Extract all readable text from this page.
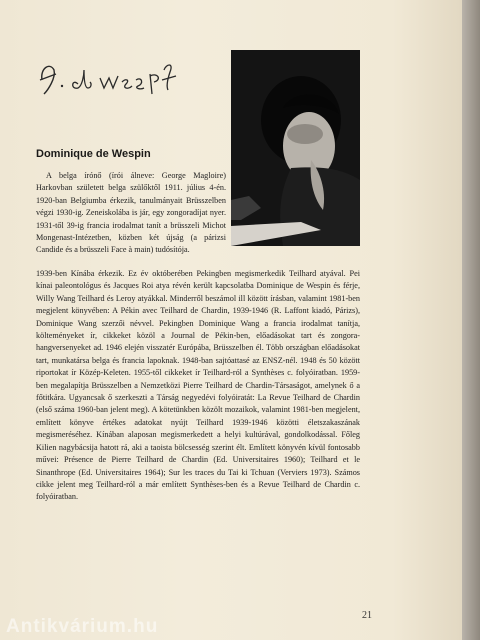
Dominique de Wespin

A belga írónő (írói álneve: George Magloire) Harkovban született belga szülőktől 1911. július 4-én. 1920-ban Belgiumba érkezik, tanulmányait Brüsszelben végzi 1930-ig. Zeneiskolába is jár, egy zongoradíjat nyer. 1931-től 39-ig francia irodalmat tanít a brüsszeli Michot Mongenast-Intézetben, közben két újság (a párizsi Candide és a brüsszeli Face à main) tudósítója.

1939-ben Kínába érkezik. Ez év októberében Pekingben megismerkedik Teilhard atyával. Pei kínai paleontológus és Jacques Roi atya révén került kapcsolatba Dominique de Wespin és férje, Willy Wang Teilhard és Leroy atyákkal. Minderről beszámol ill között írásban, valamint 1981-ben megjelent könyvében: A Pékin avec Teilhard de Chardin, 1939-1946 (R. Laffont kiadó, Párizs), Dominique Wang szerzői névvel. Pekingben Dominique Wang a francia irodalmat tanítja, költeményeket ír, cikkeket közöl a Journal de Pékin-ben, előadásokat tart és zongora-hangversenyeket ad. 1946 elején visszatér Európába, Brüsszelben él. Több országban előadásokat tart, munkatársa belga és francia lapoknak. 1948-ban sajtóattasé az ENSZ-nél. 1948 és 50 között riportokat ír Közép-Keleten. 1955-től cikkeket ír Teilhard-ról a Synthèses c. folyóiratban. 1959-ben megalapítja Brüsszelben a Nemzetközi Pierre Teilhard de Chardin-Társaságot, amelynek ő a főtitkára. Ugyancsak ő szerkeszti a Társág negyedévi folyóiratát: La Revue Teilhard de Chardin (első száma 1960-ban jelent meg). A kötetünkben közölt mozaikok, valamint 1981-ben megjelent, említett könyve értékes adatokat nyújt Teilhard 1939-1946 közötti életszakaszának megismeréséhez. Kínában alaposan megismerkedett a helyi kultúrával, gondolkodással. Főleg Kilien nagybácsija hatott rá, aki a taoista bölcsesség szerint élt. Említett könyvén kívül fontosabb művei: Présence de Pierre Teilhard de Chardin (Ed. Universitaires 1960); Teilhard et le Sinanthrope (Ed. Universitaires 1964); Sur les traces du Tai ki Tchuan (Verviers 1973). Számos cikke jelent meg Teilhard-ról a már említett Synthèses-ben és a Revue Teilhard de Chardin c. folyóiratban.

21
Antikvárium.hu
